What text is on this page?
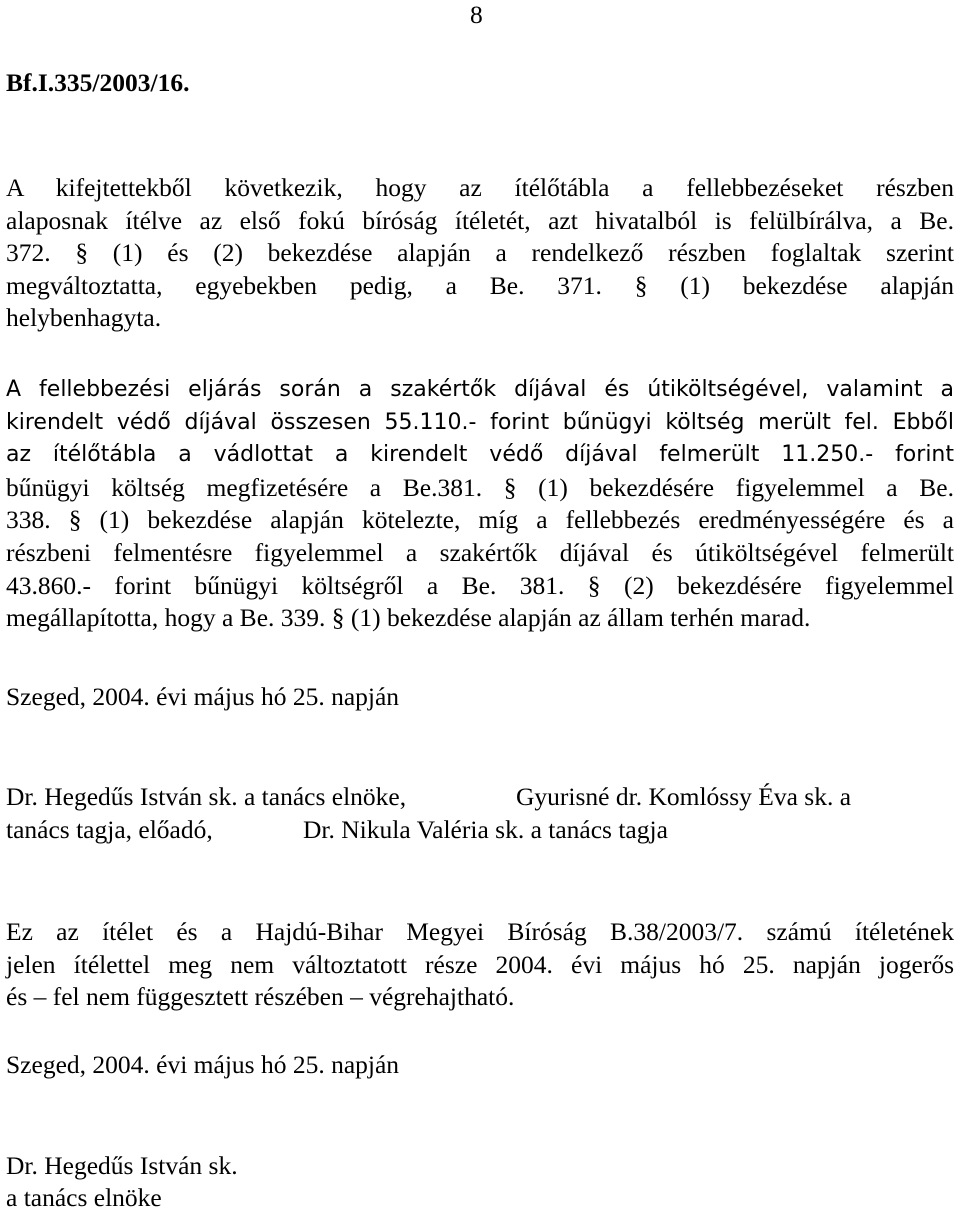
8
Bf.I.335/2003/16.
A kifejtettekből következik, hogy az ítélőtábla a fellebbezéseket részben
alaposnak ítélve az első fokú bíróság ítéletét, azt hivatalból is felülbírálva, a Be.
372. § (1) és (2) bekezdése alapján a rendelkező részben foglaltak szerint
megváltoztatta, egyebekben pedig, a Be. 371. § (1) bekezdése alapján
helybenhagyta.
A fellebbezési eljárás során a szakértők díjával és útiköltségével, valamint a
kirendelt védő díjával összesen 55.110.- forint bűnügyi költség merült fel. Ebből
az ítélőtábla a vádlottat a kirendelt védő díjával felmerült 11.250.- forint
bűnügyi költség megfizetésére a Be.381. § (1) bekezdésére figyelemmel a Be.
338. § (1) bekezdése alapján kötelezte, míg a fellebbezés eredményességére és a
részbeni felmentésre figyelemmel a szakértők díjával és útiköltségével felmerült
43.860.- forint bűnügyi költségről a Be. 381. § (2) bekezdésére figyelemmel
megállapította, hogy a Be. 339. § (1) bekezdése alapján az állam terhén marad.
Szeged, 2004. évi május hó 25. napján
Dr. Hegedűs István sk. a tanács elnöke,	Gyurisné dr. Komlóssy Éva sk. a
tanács tagja, előadó,	Dr. Nikula Valéria sk. a tanács tagja
Ez az ítélet és a Hajdú-Bihar Megyei Bíróság B.38/2003/7. számú ítéletének
jelen ítélettel meg nem változtatott része 2004. évi május hó 25. napján jogerős
és – fel nem függesztett részében – végrehajtható.
Szeged, 2004. évi május hó 25. napján
Dr. Hegedűs István sk.
a tanács elnöke
